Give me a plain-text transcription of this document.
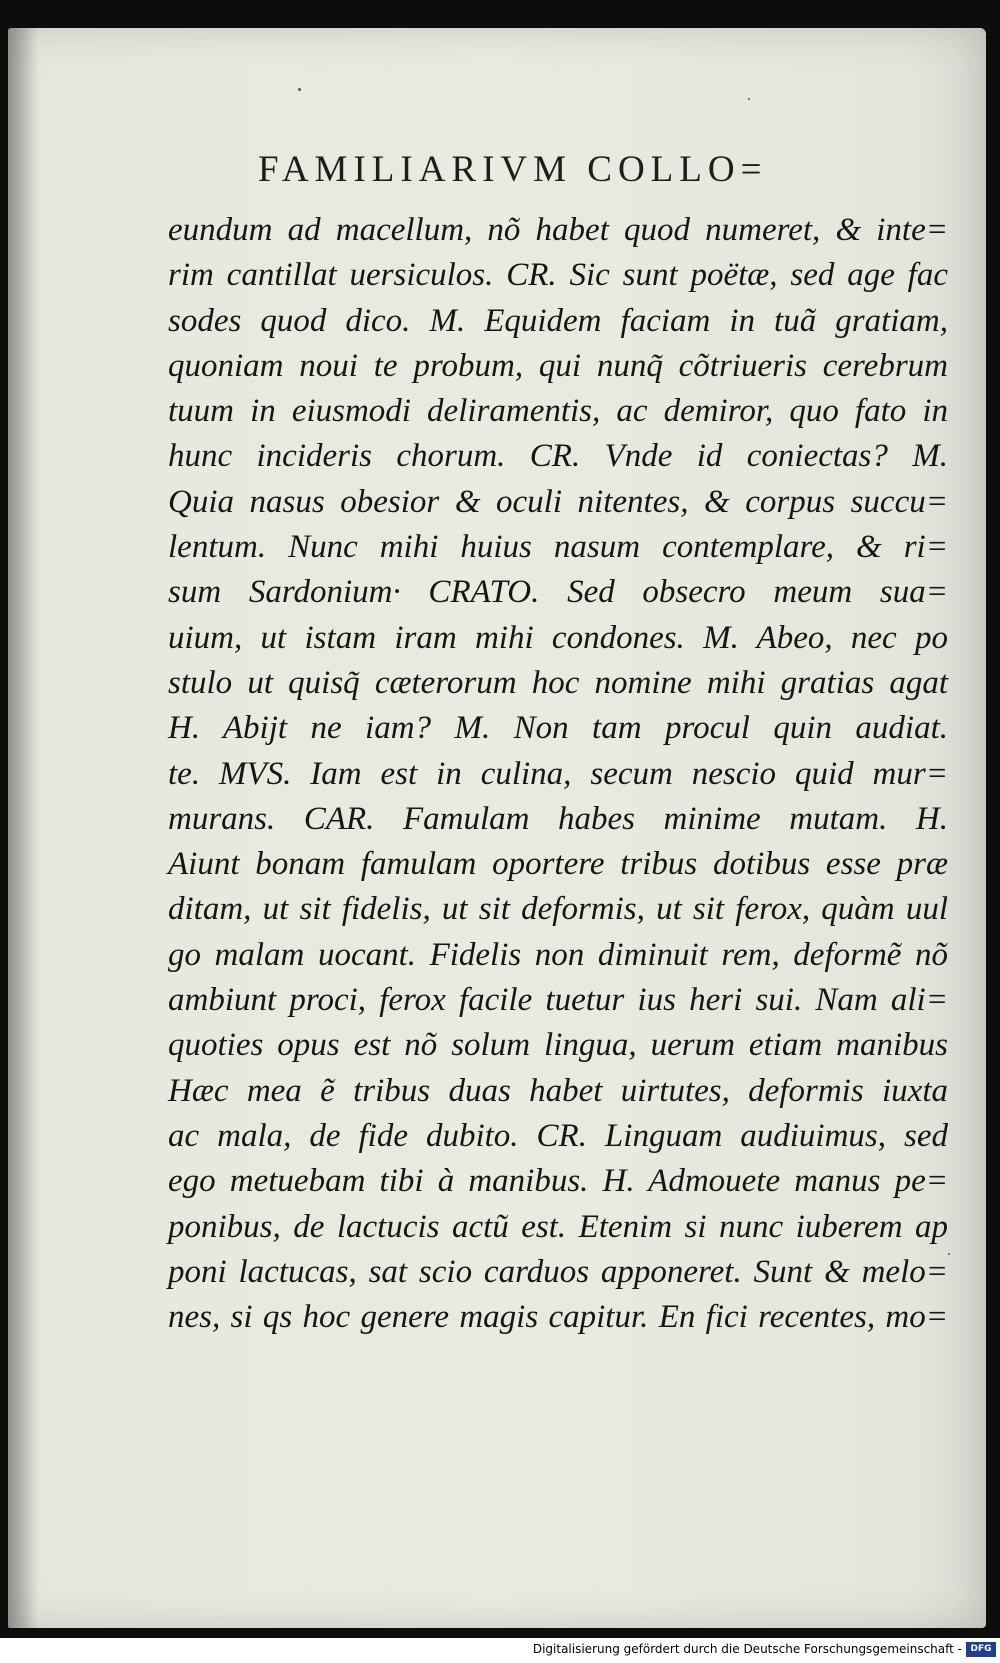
FAMILIARIVM COLLO=
eundum ad macellum, nõ habet quod numeret, & inte=
rim cantillat uersiculos. CR. Sic sunt poëtæ, sed age fac
sodes quod dico. M. Equidem faciam in tuã gratiam,
quoniam noui te probum, qui nunq̃ cõtriueris cerebrum
tuum in eiusmodi deliramentis, ac demiror, quo fato in
hunc incideris chorum. CR. Vnde id coniectas? M.
Quia nasus obesior & oculi nitentes, & corpus succu=
lentum. Nunc mihi huius nasum contemplare, & ri=
sum Sardonium· CRATO. Sed obsecro meum sua=
uium, ut istam iram mihi condones. M. Abeo, nec po
stulo ut quisq̃ cæterorum hoc nomine mihi gratias agat
H. Abijt ne iam? M. Non tam procul quin audiat.
te. MVS. Iam est in culina, secum nescio quid mur=
murans. CAR. Famulam habes minime mutam. H.
Aiunt bonam famulam oportere tribus dotibus esse præ
ditam, ut sit fidelis, ut sit deformis, ut sit ferox, quàm uul
go malam uocant. Fidelis non diminuit rem, deformẽ nõ
ambiunt proci, ferox facile tuetur ius heri sui. Nam ali=
quoties opus est nõ solum lingua, uerum etiam manibus
Hæc mea ẽ tribus duas habet uirtutes, deformis iuxta
ac mala, de fide dubito. CR. Linguam audiuimus, sed
ego metuebam tibi à manibus. H. Admouete manus pe=
ponibus, de lactucis actũ est. Etenim si nunc iuberem ap
poni lactucas, sat scio carduos apponeret. Sunt & melo=
nes, si qs hoc genere magis capitur. En fici recentes, mo=
Digitalisierung gefördert durch die Deutsche Forschungsgemeinschaft - DFG
